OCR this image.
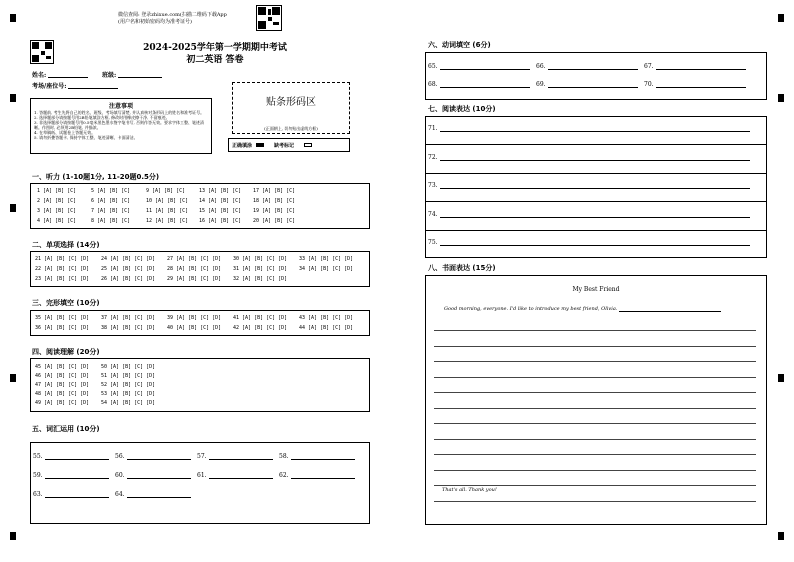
微信查阅: 登录zhixue.com(扫描二维码下载App
(用户名和初始密码均为准考证号)
2024-2025学年第一学期期中考试
初二英语 答卷
姓名:	班级:
考场/座位号:
贴条形码区
(正面朝上, 切勿贴出虚线方框)
注意事项
1. 答题前, 考生先将自己的姓名、班级、考场填写清楚, 并认真核对条形码上的姓名和准考证号。
2. 选择题部分请按题号用2B铅笔填涂方框, 修改时用橡皮擦干净, 不留痕迹。
3. 非选择题部分请按题号用0.5毫米黑色墨水签字笔书写, 否则作答无效。要求字体工整、笔迹清晰。作图时, 必须用2B铅笔, 并描浓。
4. 在草稿纸、试题卷上答题无效。
5. 请勿折叠答题卡, 保持字体工整、笔迹清晰、卡面清洁。
正确填涂	缺考标记
一、听力 (1-10题1分, 11-20题0.5分)
1 [A] [B] [C]	5 [A] [B] [C]	9 [A] [B] [C]	13 [A] [B] [C] 17 [A] [B] [C]
2 [A] [B] [C]	6 [A] [B] [C]	10 [A] [B] [C] 14 [A] [B] [C] 18 [A] [B] [C]
3 [A] [B] [C]	7 [A] [B] [C]	11 [A] [B] [C] 15 [A] [B] [C] 19 [A] [B] [C]
4 [A] [B] [C]	8 [A] [B] [C]	12 [A] [B] [C] 16 [A] [B] [C] 20 [A] [B] [C]
二、单项选择 (14分)
21 [A] [B] [C] [D] 24 [A] [B] [C] [D] 27 [A] [B] [C] [D] 30 [A] [B] [C] [D] 33 [A] [B] [C] [D]
22 [A] [B] [C] [D] 25 [A] [B] [C] [D] 28 [A] [B] [C] [D] 31 [A] [B] [C] [D] 34 [A] [B] [C] [D]
23 [A] [B] [C] [D] 26 [A] [B] [C] [D] 29 [A] [B] [C] [D] 32 [A] [B] [C] [D]
三、完形填空 (10分)
35 [A] [B] [C] [D] 37 [A] [B] [C] [D] 39 [A] [B] [C] [D] 41 [A] [B] [C] [D] 43 [A] [B] [C] [D]
36 [A] [B] [C] [D] 38 [A] [B] [C] [D] 40 [A] [B] [C] [D] 42 [A] [B] [C] [D] 44 [A] [B] [C] [D]
四、阅读理解 (20分)
45 [A] [B] [C] [D] 50 [A] [B] [C] [D]
46 [A] [B] [C] [D] 51 [A] [B] [C] [D]
47 [A] [B] [C] [D] 52 [A] [B] [C] [D]
48 [A] [B] [C] [D] 53 [A] [B] [C] [D]
49 [A] [B] [C] [D] 54 [A] [B] [C] [D]
五、词汇运用 (10分)
55.	56.	57.	58.
59.	60.	61.	62.
63.	64.
六、动词填空 (6分)
65.	66.	67.
68.	69.	70.
七、阅读表达 (10分)
71.
72.
73.
74.
75.
八、书面表达 (15分)
My Best Friend
Good morning, everyone. I'd like to introduce my best friend, Olivia.
That's all. Thank you!
